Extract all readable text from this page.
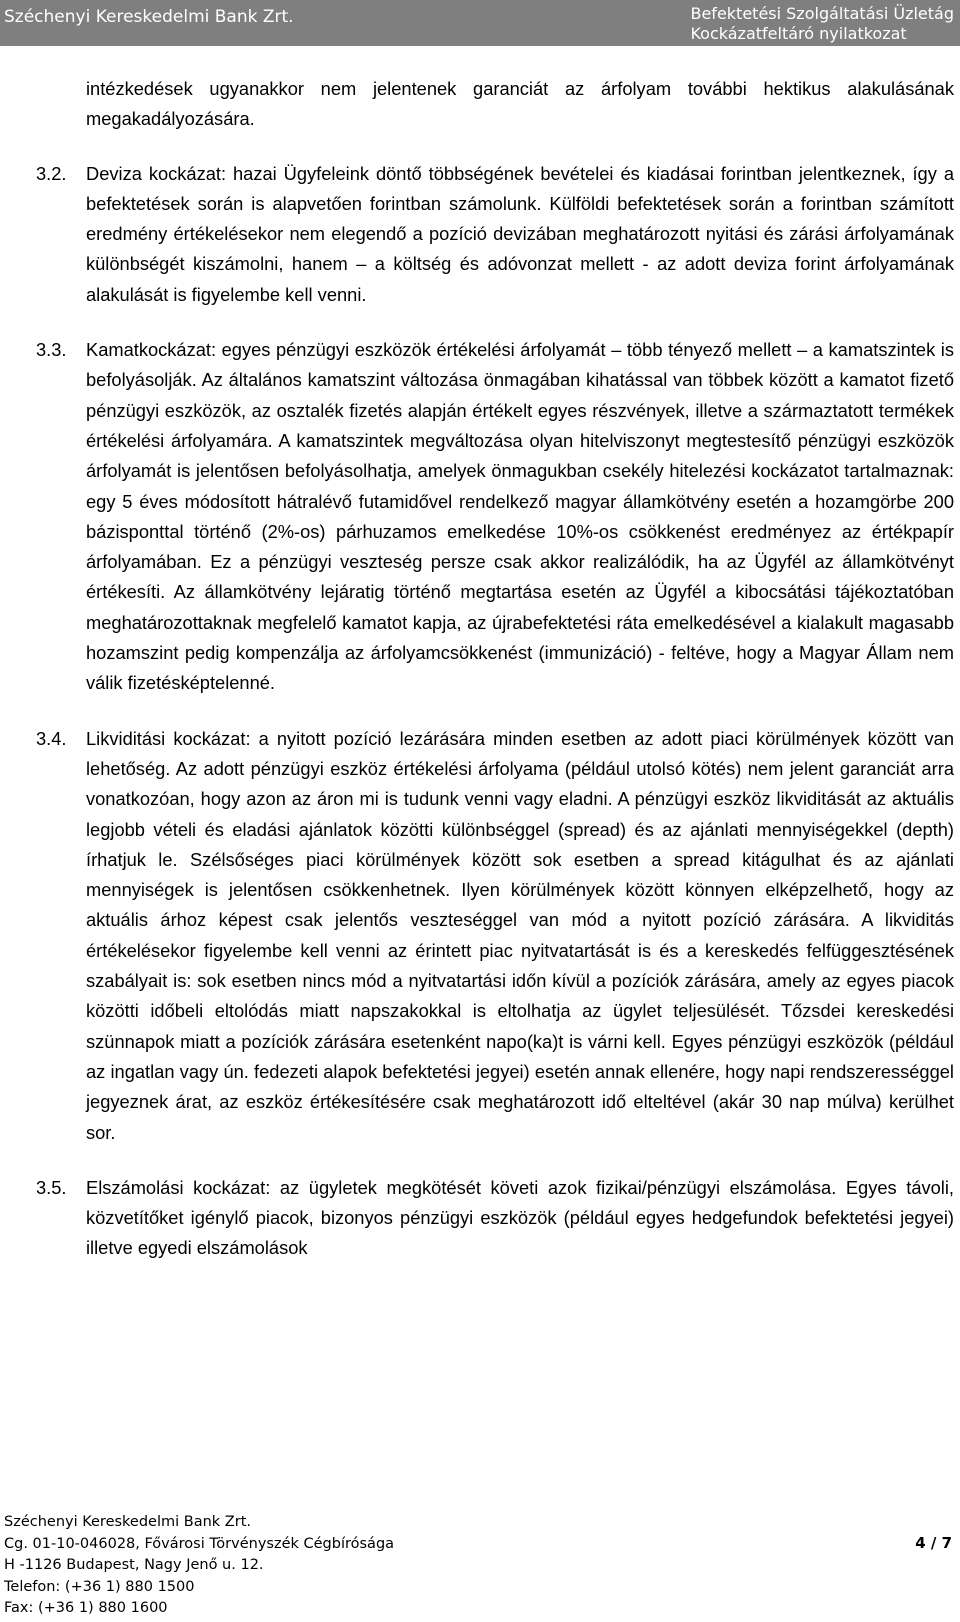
Széchenyi Kereskedelmi Bank Zrt.	Befektetési Szolgáltatási Üzletág
Kockázatfeltáró nyilatkozat

intézkedések ugyanakkor nem jelentenek garanciát az árfolyam további hektikus alakulásának megakadályozására.

3.2. Deviza kockázat: hazai Ügyfeleink döntő többségének bevételei és kiadásai forintban jelentkeznek, így a befektetések során is alapvetően forintban számolunk. Külföldi befektetések során a forintban számított eredmény értékelésekor nem elegendő a pozíció devizában meghatározott nyitási és zárási árfolyamának különbségét kiszámolni, hanem – a költség és adóvonzat mellett - az adott deviza forint árfolyamának alakulását is figyelembe kell venni.

3.3. Kamatkockázat: egyes pénzügyi eszközök értékelési árfolyamát – több tényező mellett – a kamatszintek is befolyásolják. Az általános kamatszint változása önmagában kihatással van többek között a kamatot fizető pénzügyi eszközök, az osztalék fizetés alapján értékelt egyes részvények, illetve a származtatott termékek értékelési árfolyamára. A kamatszintek megváltozása olyan hitelviszonyt megtestesítő pénzügyi eszközök árfolyamát is jelentősen befolyásolhatja, amelyek önmagukban csekély hitelezési kockázatot tartalmaznak: egy 5 éves módosított hátralévő futamidővel rendelkező magyar államkötvény esetén a hozamgörbe 200 bázisponttal történő (2%-os) párhuzamos emelkedése 10%-os csökkenést eredményez az értékpapír árfolyamában. Ez a pénzügyi veszteség persze csak akkor realizálódik, ha az Ügyfél az államkötvényt értékesíti. Az államkötvény lejáratig történő megtartása esetén az Ügyfél a kibocsátási tájékoztatóban meghatározottaknak megfelelő kamatot kapja, az újrabefektetési ráta emelkedésével a kialakult magasabb hozamszint pedig kompenzálja az árfolyamcsökkenést (immunizáció) - feltéve, hogy a Magyar Állam nem válik fizetésképtelenné.

3.4. Likviditási kockázat: a nyitott pozíció lezárására minden esetben az adott piaci körülmények között van lehetőség. Az adott pénzügyi eszköz értékelési árfolyama (például utolsó kötés) nem jelent garanciát arra vonatkozóan, hogy azon az áron mi is tudunk venni vagy eladni. A pénzügyi eszköz likviditását az aktuális legjobb vételi és eladási ajánlatok közötti különbséggel (spread) és az ajánlati mennyiségekkel (depth) írhatjuk le. Szélsőséges piaci körülmények között sok esetben a spread kitágulhat és az ajánlati mennyiségek is jelentősen csökkenhetnek. Ilyen körülmények között könnyen elképzelhető, hogy az aktuális árhoz képest csak jelentős veszteséggel van mód a nyitott pozíció zárására. A likviditás értékelésekor figyelembe kell venni az érintett piac nyitvatartását is és a kereskedés felfüggesztésének szabályait is: sok esetben nincs mód a nyitvatartási időn kívül a pozíciók zárására, amely az egyes piacok közötti időbeli eltolódás miatt napszakokkal is eltolhatja az ügylet teljesülését. Tőzsdei kereskedési szünnapok miatt a pozíciók zárására esetenként napo(ka)t is várni kell. Egyes pénzügyi eszközök (például az ingatlan vagy ún. fedezeti alapok befektetési jegyei) esetén annak ellenére, hogy napi rendszerességgel jegyeznek árat, az eszköz értékesítésére csak meghatározott idő elteltével (akár 30 nap múlva) kerülhet sor.

3.5. Elszámolási kockázat: az ügyletek megkötését követi azok fizikai/pénzügyi elszámolása. Egyes távoli, közvetítőket igénylő piacok, bizonyos pénzügyi eszközök (például egyes hedgefundok befektetési jegyei) illetve egyedi elszámolások

Széchenyi Kereskedelmi Bank Zrt.
Cg. 01-10-046028, Fővárosi Törvényszék Cégbírósága
H -1126 Budapest, Nagy Jenő u. 12.
Telefon: (+36 1) 880 1500
Fax: (+36 1) 880 1600
4 / 7
